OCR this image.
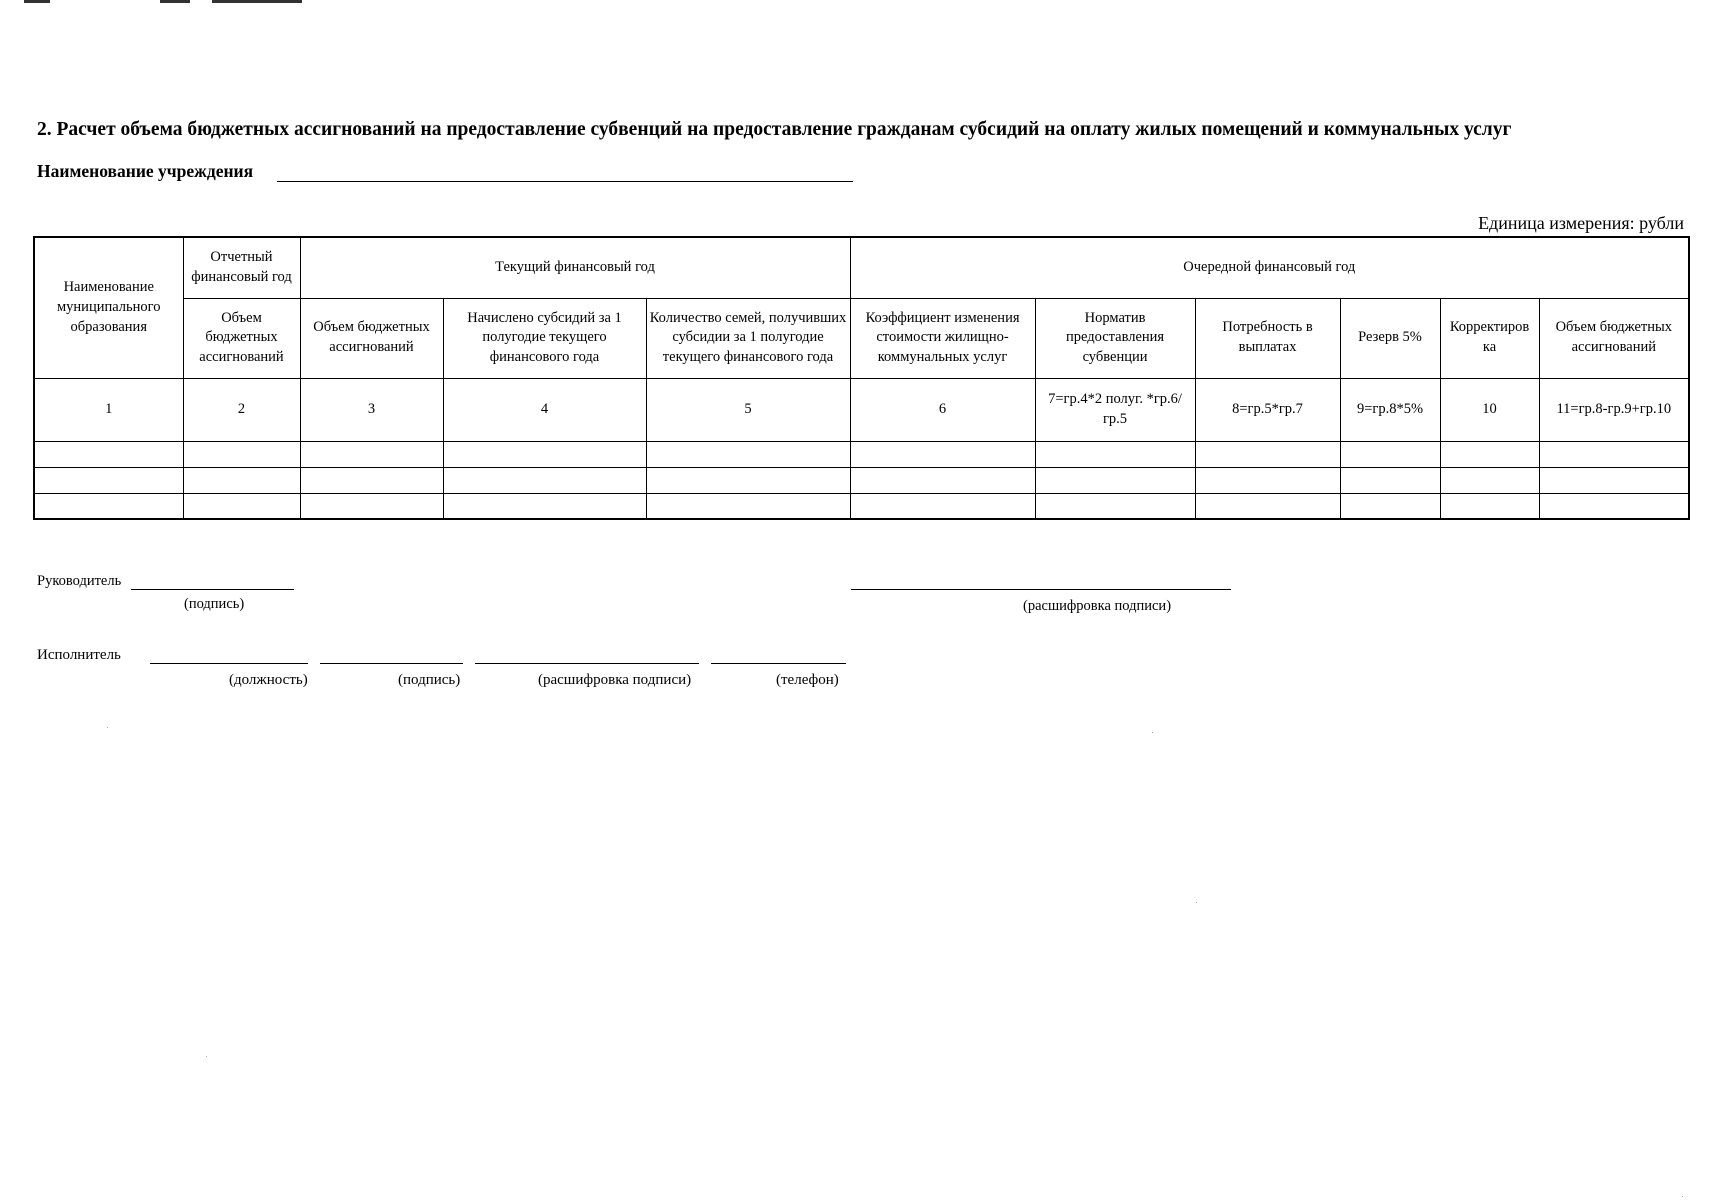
2. Расчет объема бюджетных ассигнований на предоставление субвенций на предоставление гражданам субсидий на оплату жилых помещений и коммунальных услуг
Наименование учреждения
Единица измерения: рубли
Наименование муниципального образования	Отчетный финансовый год	Текущий финансовый год			Очередной финансовый год					
	Объем бюджетных ассигнований	Объем бюджетных ассигнований	Начислено субсидий за 1 полугодие текущего финансового года	Количество семей, получивших субсидии за 1 полугодие текущего финансового года	Коэффициент изменения стоимости жилищно-коммунальных услуг	Норматив предоставления субвенции	Потребность в выплатах	Резерв 5%	Корректиров ка	Объем бюджетных ассигнований
1	2	3	4	5	6	7=гр.4*2 полуг. *гр.6/гр.5	8=гр.5*гр.7	9=гр.8*5%	10	11=гр.8-гр.9+гр.10

Руководитель
(подпись)	(расшифровка подписи)
Исполнитель
(должность)	(подпись)	(расшифровка подписи)	(телефон)
